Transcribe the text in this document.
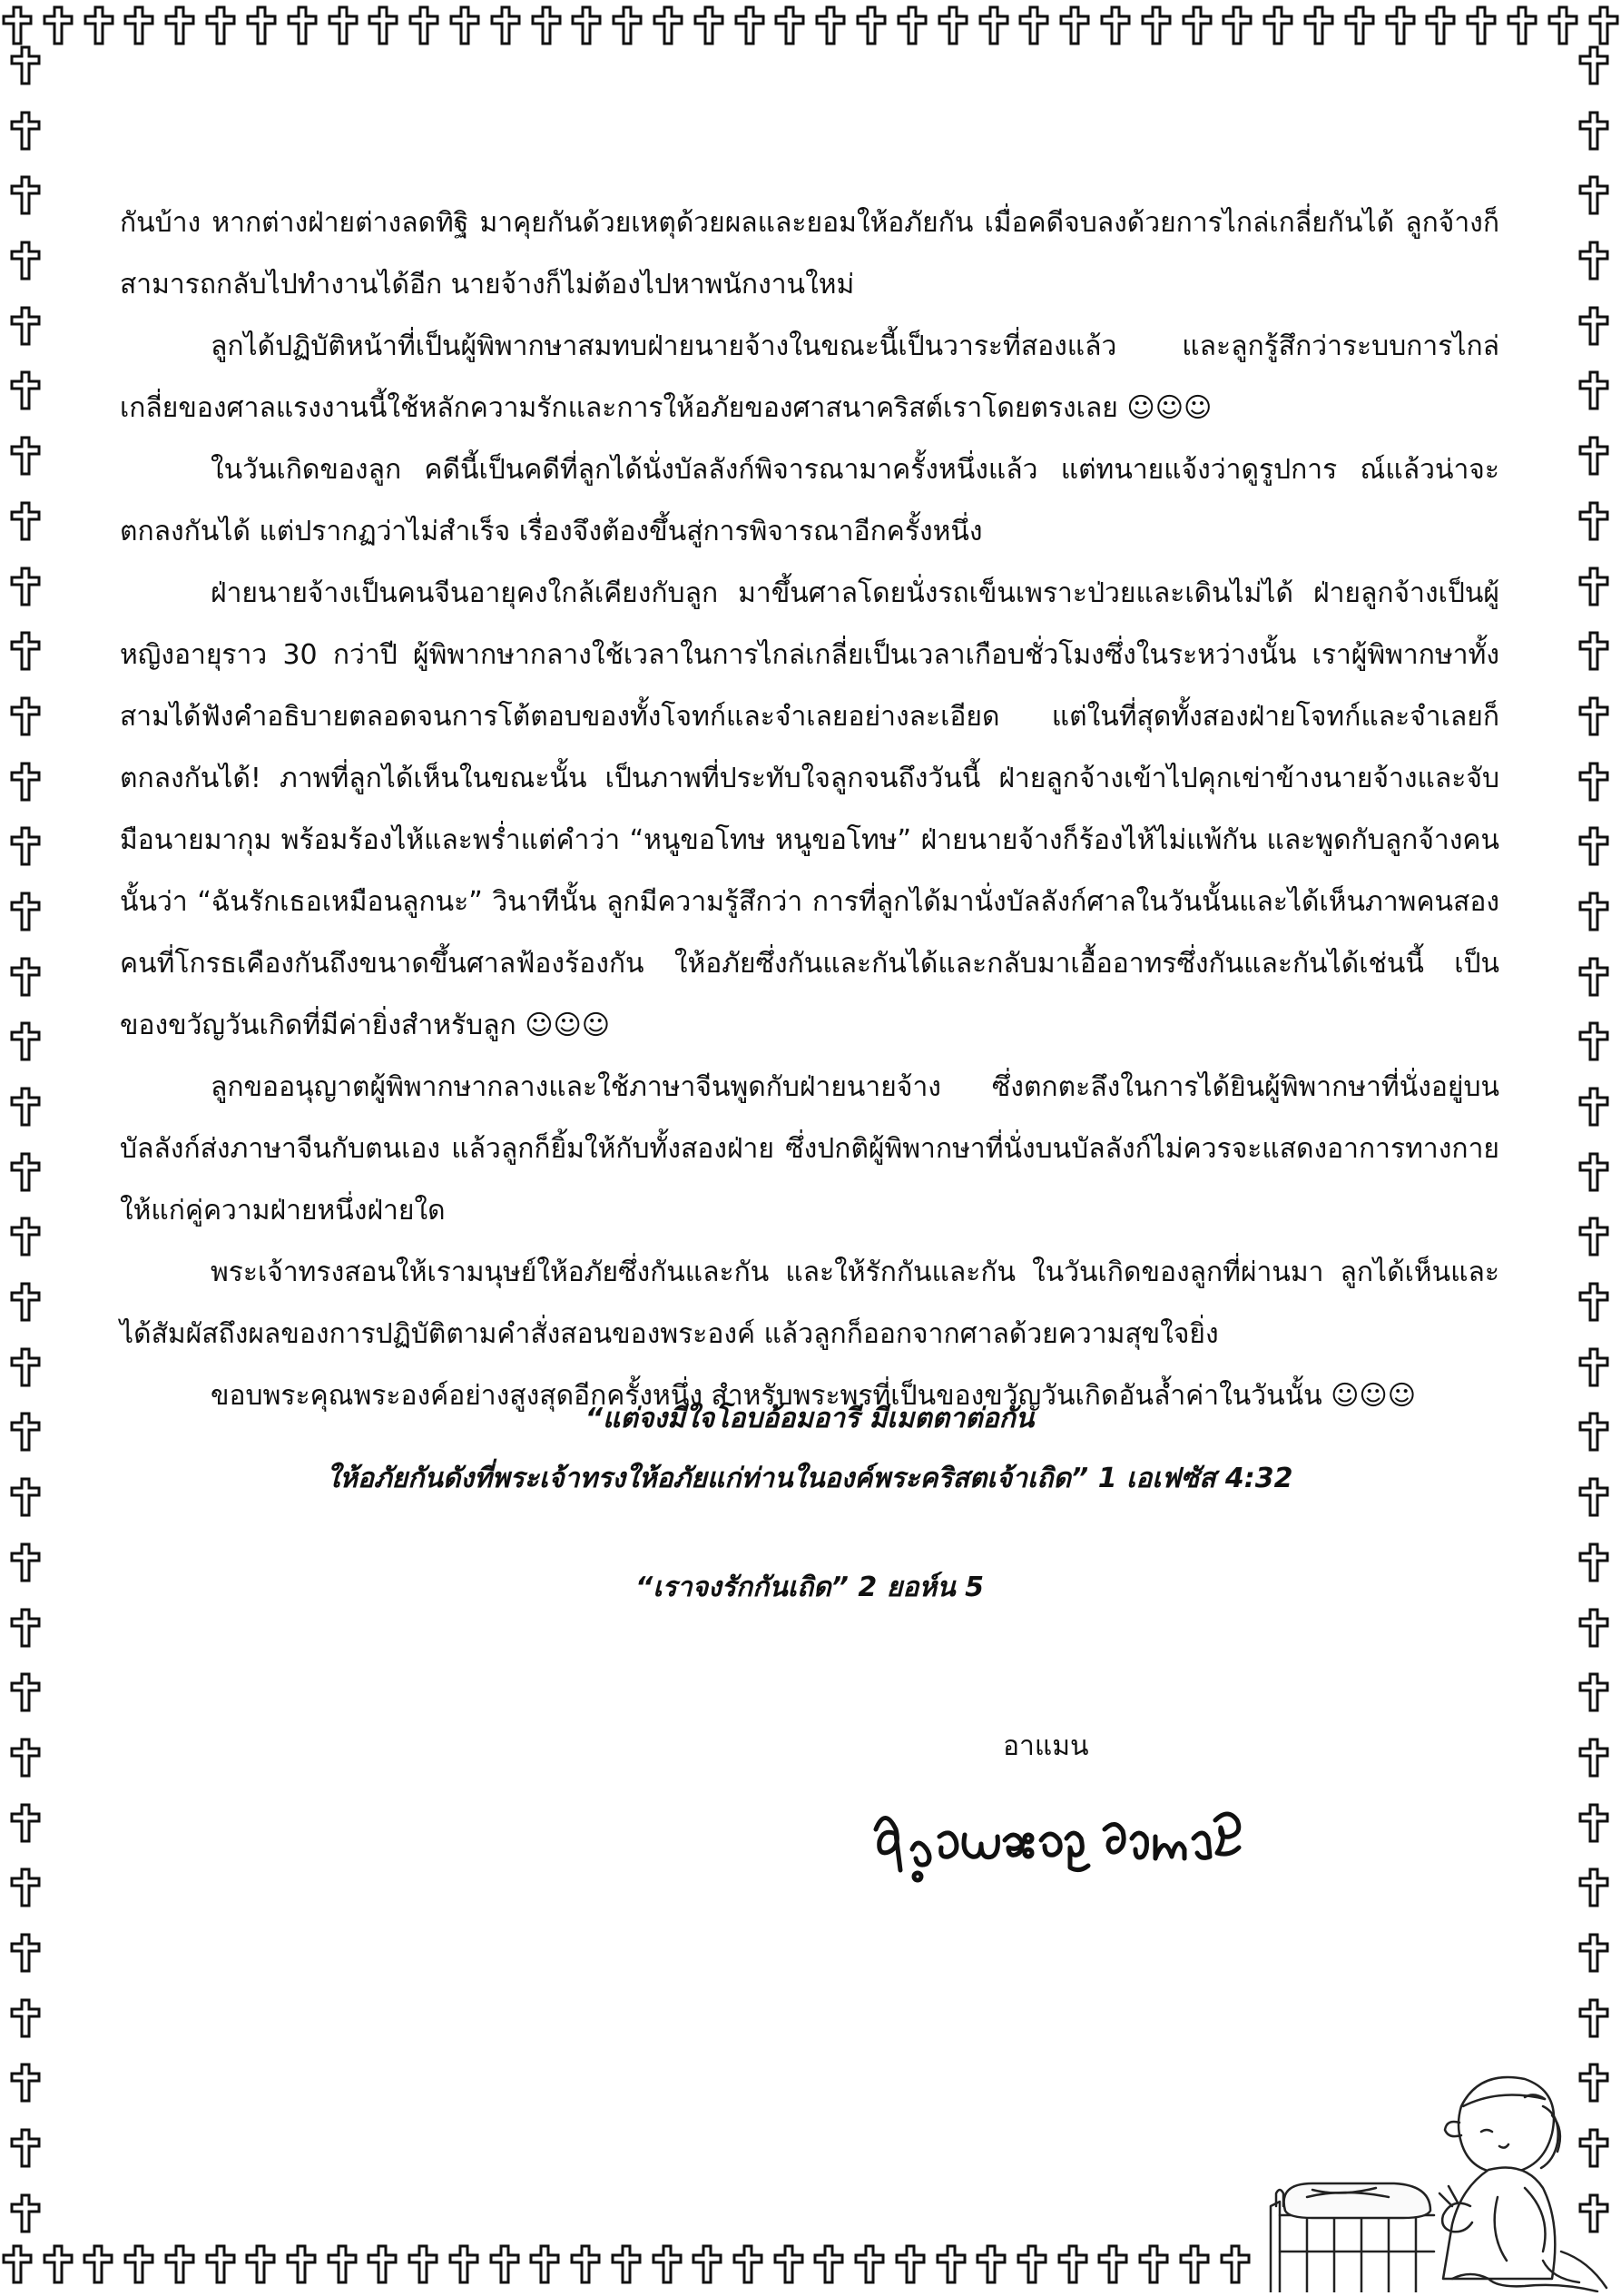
กันบ้าง หากต่างฝ่ายต่างลดทิฐิ มาคุยกันด้วยเหตุด้วยผลและยอมให้อภัยกัน เมื่อคดีจบลงด้วยการไกล่เกลี่ยกันได้ ลูกจ้างก็สามารถกลับไปทำงานได้อีก นายจ้างก็ไม่ต้องไปหาพนักงานใหม่

ลูกได้ปฏิบัติหน้าที่เป็นผู้พิพากษาสมทบฝ่ายนายจ้างในขณะนี้เป็นวาระที่สองแล้ว และลูกรู้สึกว่าระบบการไกล่เกลี่ยของศาลแรงงานนี้ใช้หลักความรักและการให้อภัยของศาสนาคริสต์เราโดยตรงเลย ☺☺☺

ในวันเกิดของลูก คดีนี้เป็นคดีที่ลูกได้นั่งบัลลังก์พิจารณามาครั้งหนึ่งแล้ว แต่ทนายแจ้งว่าดูรูปการ ณ์แล้วน่าจะตกลงกันได้ แต่ปรากฏว่าไม่สำเร็จ เรื่องจึงต้องขึ้นสู่การพิจารณาอีกครั้งหนึ่ง

ฝ่ายนายจ้างเป็นคนจีนอายุคงใกล้เคียงกับลูก มาขึ้นศาลโดยนั่งรถเข็นเพราะป่วยและเดินไม่ได้ ฝ่ายลูกจ้างเป็นผู้หญิงอายุราว 30 กว่าปี ผู้พิพากษากลางใช้เวลาในการไกล่เกลี่ยเป็นเวลาเกือบชั่วโมงซึ่งในระหว่างนั้น เราผู้พิพากษาทั้งสามได้ฟังคำอธิบายตลอดจนการโต้ตอบของทั้งโจทก์และจำเลยอย่างละเอียด แต่ในที่สุดทั้งสองฝ่ายโจทก์และจำเลยก็ตกลงกันได้! ภาพที่ลูกได้เห็นในขณะนั้น เป็นภาพที่ประทับใจลูกจนถึงวันนี้ ฝ่ายลูกจ้างเข้าไปคุกเข่าข้างนายจ้างและจับมือนายมากุม พร้อมร้องไห้และพร่ำแต่คำว่า “หนูขอโทษ หนูขอโทษ” ฝ่ายนายจ้างก็ร้องไห้ไม่แพ้กัน และพูดกับลูกจ้างคนนั้นว่า “ฉันรักเธอเหมือนลูกนะ” วินาทีนั้น ลูกมีความรู้สึกว่า การที่ลูกได้มานั่งบัลลังก์ศาลในวันนั้นและได้เห็นภาพคนสองคนที่โกรธเคืองกันถึงขนาดขึ้นศาลฟ้องร้องกัน ให้อภัยซึ่งกันและกันได้และกลับมาเอื้ออาทรซึ่งกันและกันได้เช่นนี้ เป็นของขวัญวันเกิดที่มีค่ายิ่งสำหรับลูก ☺☺☺

ลูกขออนุญาตผู้พิพากษากลางและใช้ภาษาจีนพูดกับฝ่ายนายจ้าง ซึ่งตกตะลึงในการได้ยินผู้พิพากษาที่นั่งอยู่บนบัลลังก์ส่งภาษาจีนกับตนเอง แล้วลูกก็ยิ้มให้กับทั้งสองฝ่าย ซึ่งปกติผู้พิพากษาที่นั่งบนบัลลังก์ไม่ควรจะแสดงอาการทางกายให้แก่คู่ความฝ่ายหนึ่งฝ่ายใด

พระเจ้าทรงสอนให้เรามนุษย์ให้อภัยซึ่งกันและกัน และให้รักกันและกัน ในวันเกิดของลูกที่ผ่านมา ลูกได้เห็นและได้สัมผัสถึงผลของการปฏิบัติตามคำสั่งสอนของพระองค์ แล้วลูกก็ออกจากศาลด้วยความสุขใจยิ่ง

ขอบพระคุณพระองค์อย่างสูงสุดอีกครั้งหนึ่ง สำหรับพระพรที่เป็นของขวัญวันเกิดอันล้ำค่าในวันนั้น ☺☺☺

“แต่จงมีใจโอบอ้อมอารี มีเมตตาต่อกัน

ให้อภัยกันดังที่พระเจ้าทรงให้อภัยแก่ท่านในองค์พระคริสตเจ้าเถิด” 1 เอเฟซัส 4:32

“เราจงรักกันเถิด” 2 ยอห์น 5

อาแมน
